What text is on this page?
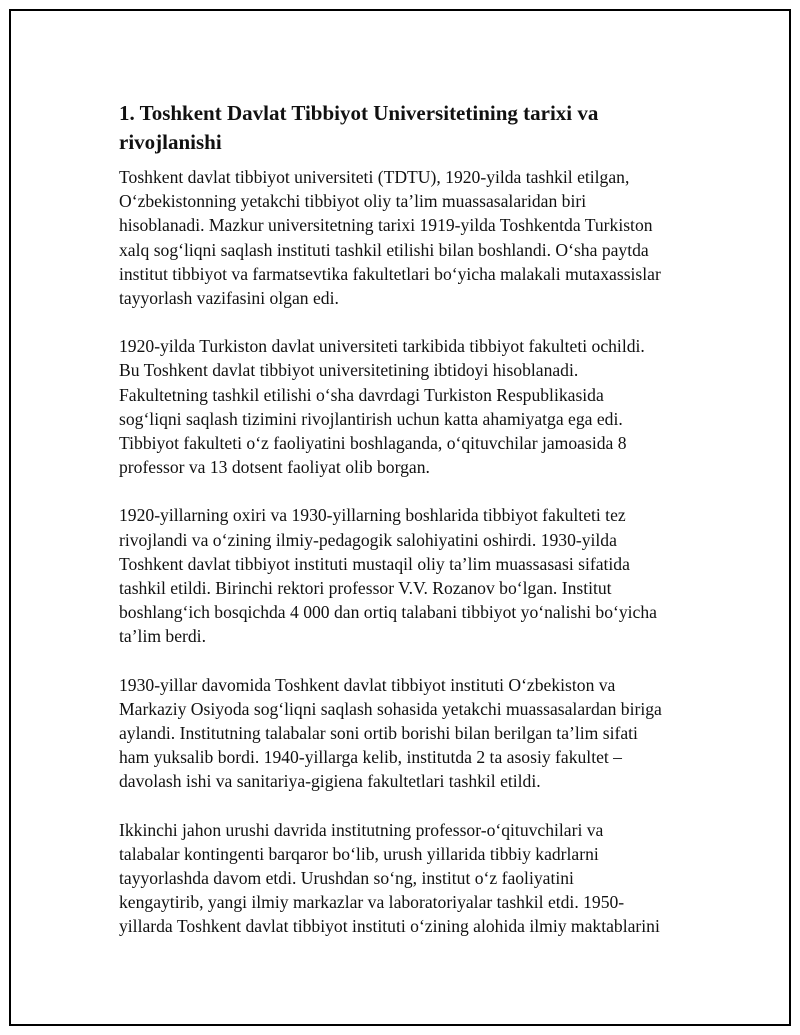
1. Toshkent Davlat Tibbiyot Universitetining tarixi va
rivojlanishi

Toshkent davlat tibbiyot universiteti (TDTU), 1920-yilda tashkil etilgan,
O‘zbekistonning yetakchi tibbiyot oliy ta’lim muassasalaridan biri
hisoblanadi. Mazkur universitetning tarixi 1919-yilda Toshkentda Turkiston
xalq sog‘liqni saqlash instituti tashkil etilishi bilan boshlandi. O‘sha paytda
institut tibbiyot va farmatsevtika fakultetlari bo‘yicha malakali mutaxassislar
tayyorlash vazifasini olgan edi.

1920-yilda Turkiston davlat universiteti tarkibida tibbiyot fakulteti ochildi.
Bu Toshkent davlat tibbiyot universitetining ibtidoyi hisoblanadi.
Fakultetning tashkil etilishi o‘sha davrdagi Turkiston Respublikasida
sog‘liqni saqlash tizimini rivojlantirish uchun katta ahamiyatga ega edi.
Tibbiyot fakulteti o‘z faoliyatini boshlaganda, o‘qituvchilar jamoasida 8
professor va 13 dotsent faoliyat olib borgan.

1920-yillarning oxiri va 1930-yillarning boshlarida tibbiyot fakulteti tez
rivojlandi va o‘zining ilmiy-pedagogik salohiyatini oshirdi. 1930-yilda
Toshkent davlat tibbiyot instituti mustaqil oliy ta’lim muassasasi sifatida
tashkil etildi. Birinchi rektori professor V.V. Rozanov bo‘lgan. Institut
boshlang‘ich bosqichda 4 000 dan ortiq talabani tibbiyot yo‘nalishi bo‘yicha
ta’lim berdi.

1930-yillar davomida Toshkent davlat tibbiyot instituti O‘zbekiston va
Markaziy Osiyoda sog‘liqni saqlash sohasida yetakchi muassasalardan biriga
aylandi. Institutning talabalar soni ortib borishi bilan berilgan ta’lim sifati
ham yuksalib bordi. 1940-yillarga kelib, institutda 2 ta asosiy fakultet –
davolash ishi va sanitariya-gigiena fakultetlari tashkil etildi.

Ikkinchi jahon urushi davrida institutning professor-o‘qituvchilari va
talabalar kontingenti barqaror bo‘lib, urush yillarida tibbiy kadrlarni
tayyorlashda davom etdi. Urushdan so‘ng, institut o‘z faoliyatini
kengaytirib, yangi ilmiy markazlar va laboratoriyalar tashkil etdi. 1950-
yillarda Toshkent davlat tibbiyot instituti o‘zining alohida ilmiy maktablarini
